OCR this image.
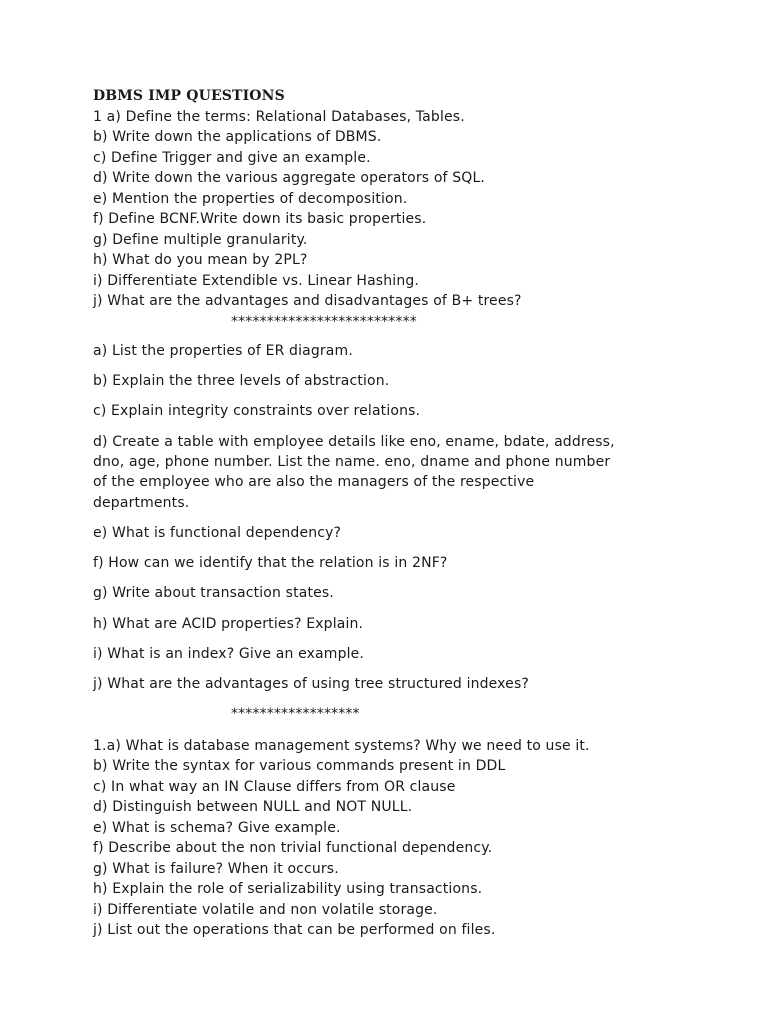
DBMS IMP QUESTIONS
1 a) Define the terms: Relational Databases, Tables.
b) Write down the applications of DBMS.
c) Define Trigger and give an example.
d) Write down the various aggregate operators of SQL.
e) Mention the properties of decomposition.
f) Define BCNF.Write down its basic properties.
g) Define multiple granularity.
h) What do you mean by 2PL?
i) Differentiate Extendible vs. Linear Hashing.
j) What are the advantages and disadvantages of B+ trees?
**************************
a) List the properties of ER diagram.
b) Explain the three levels of abstraction.
c) Explain integrity constraints over relations.
d) Create a table with employee details like eno, ename, bdate, address,
dno, age, phone number. List the name. eno, dname and phone number
of the employee who are also the managers of the respective
departments.
e) What is functional dependency?
f) How can we identify that the relation is in 2NF?
g) Write about transaction states.
h) What are ACID properties? Explain.
i) What is an index? Give an example.
j) What are the advantages of using tree structured indexes?
******************
1.a) What is database management systems? Why we need to use it.
b) Write the syntax for various commands present in DDL
c) In what way an IN Clause differs from OR clause
d) Distinguish between NULL and NOT NULL.
e) What is schema? Give example.
f) Describe about the non trivial functional dependency.
g) What is failure? When it occurs.
h) Explain the role of serializability using transactions.
i) Differentiate volatile and non volatile storage.
j) List out the operations that can be performed on files.
